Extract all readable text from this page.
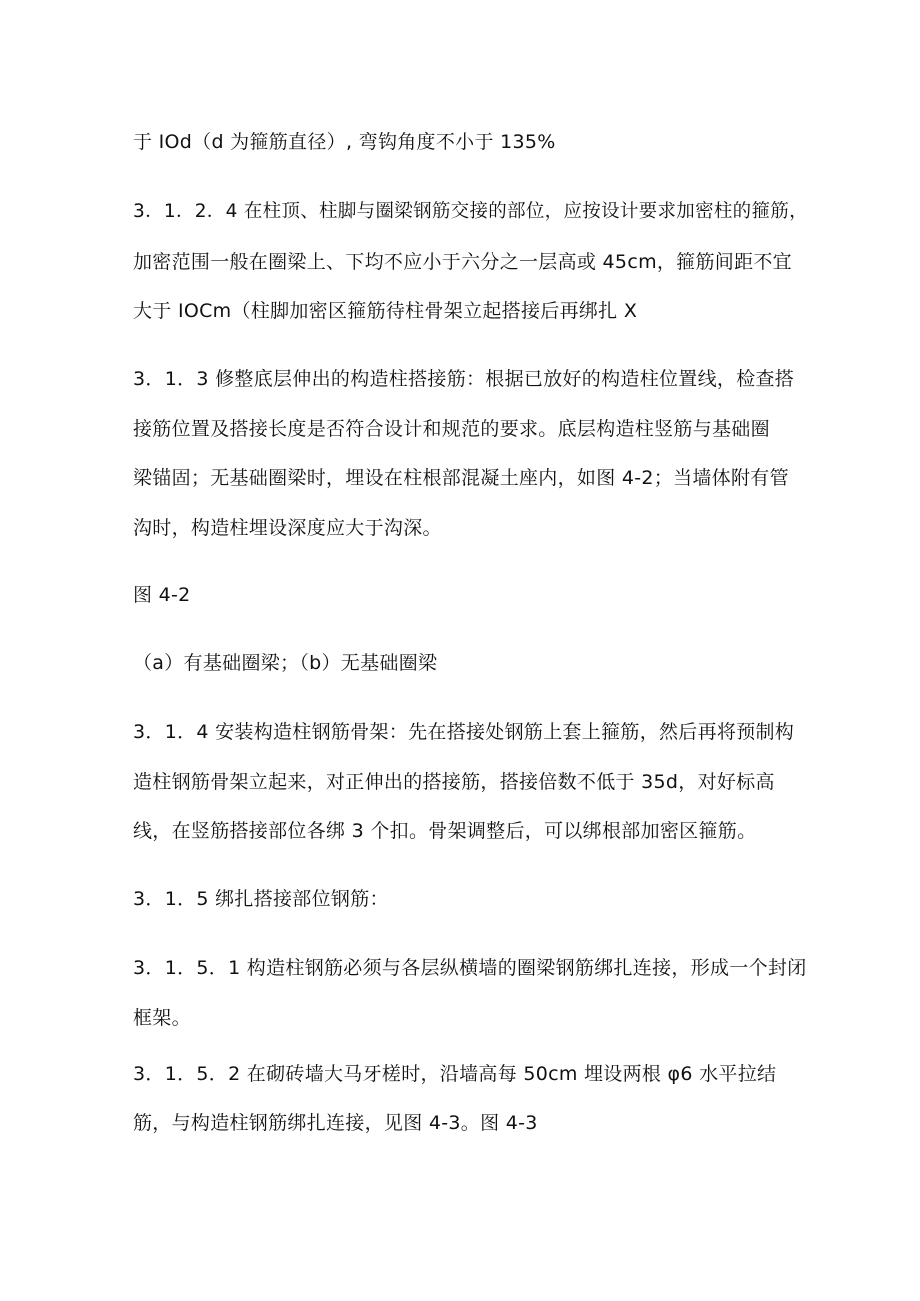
于 IOd（d 为箍筋直径）, 弯钩角度不小于 135%
3．1．2．4 在柱顶、柱脚与圈梁钢筋交接的部位，应按设计要求加密柱的箍筋，
加密范围一般在圈梁上、下均不应小于六分之一层高或 45cm，箍筋间距不宜
大于 IOCm（柱脚加密区箍筋待柱骨架立起搭接后再绑扎 X
3．1．3 修整底层伸出的构造柱搭接筋：根据已放好的构造柱位置线，检查搭
接筋位置及搭接长度是否符合设计和规范的要求。底层构造柱竖筋与基础圈
梁锚固；无基础圈梁时，埋设在柱根部混凝土座内，如图 4-2；当墙体附有管
沟时，构造柱埋设深度应大于沟深。
图 4-2
（a）有基础圈梁；（b）无基础圈梁
3．1．4 安装构造柱钢筋骨架：先在搭接处钢筋上套上箍筋，然后再将预制构
造柱钢筋骨架立起来，对正伸出的搭接筋，搭接倍数不低于 35d，对好标高
线，在竖筋搭接部位各绑 3 个扣。骨架调整后，可以绑根部加密区箍筋。
3．1．5 绑扎搭接部位钢筋：
3．1．5．1 构造柱钢筋必须与各层纵横墙的圈梁钢筋绑扎连接，形成一个封闭
框架。
3．1．5．2 在砌砖墙大马牙槎时，沿墙高每 50cm 埋设两根 φ6 水平拉结
筋，与构造柱钢筋绑扎连接，见图 4-3。图 4-3
